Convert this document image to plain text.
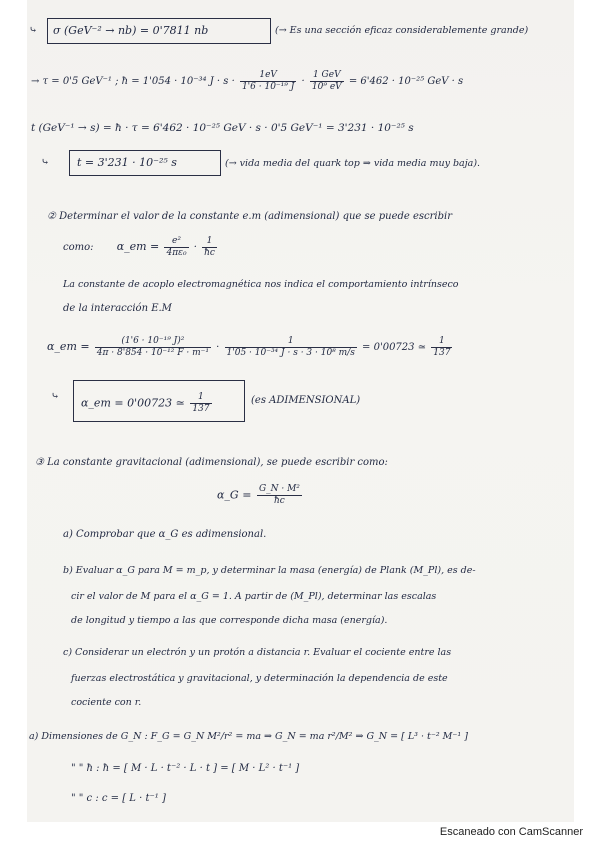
⤷ σ (GeV⁻² → nb) = 0'7811 nb	(→ Es una sección eficaz considerablemente grande)
→ τ = 0'5 GeV⁻¹ ; ħ = 1'054 · 10⁻³⁴ $J \cdot s \cdot \frac{1eV}{\text{1'6 · 10⁻¹⁹ J}} \cdot \frac{\text{1 GeV}}{\text{10⁹ eV}} = 6'462 \cdot 10^{-25}$ GeV · s
t (GeV⁻¹ → s) = ħ · τ = 6'462 · 10⁻²⁵ GeV · s · 0'5 GeV⁻¹ = 3'231 · 10⁻²⁵ s
⤷	t = 3'231 · 10⁻²⁵ s	(→ vida media del quark top ⇒ vida media muy baja).
② Determinar el valor de la constante e.m (adimensional) que se puede escribir
como: α_em = $\frac{\text{e²}}{\text{4πε₀}} \cdot \frac{1}{ħc}$
La constante de acoplo electromagnética nos indica el comportamiento intrínseco
de la interacción E.M
α_em = $\frac{\text{(1'6 · 10⁻¹⁹ J)²}}{\text{4π · 8'854 · 10⁻¹² F · m⁻¹}} \cdot \frac{1}{\text{1'05 · 10⁻³⁴ J · s · 3 · 10⁸ m/s}} = 0'00723$ ≃ $\frac{1}{137}$
⤷ α_em = 0'00723 ≃ $\frac{1}{137}$	(es ADIMENSIONAL)
③ La constante gravitacional (adimensional), se puede escribir como:
α_G = $\frac{\text{G\_N · M²}}{ħc}$
a) Comprobar que α_G es adimensional.
b) Evaluar α_G para M = m_p, y determinar la masa (energía) de Plank (M_Pl), es de-
cir el valor de M para el α_G = 1. A partir de (M_Pl), determinar las escalas
de longitud y tiempo a las que corresponde dicha masa (energía).
c) Considerar un electrón y un protón a distancia r. Evaluar el cociente entre las
fuerzas electrostática y gravitacional, y determinación la dependencia de este
cociente con r.
a) Dimensiones de G_N : F_G = G_N M²/r² = ma ⇒ G_N = ma r²/M² ⇒ G_N = [ L³ · t⁻² M⁻¹ ]
" " ħ : ħ = [ M · L · t⁻² · L · t ] = [ M · L² · t⁻¹ ]
" " c : c = [ L · t⁻¹ ]
Escaneado con CamScanner
